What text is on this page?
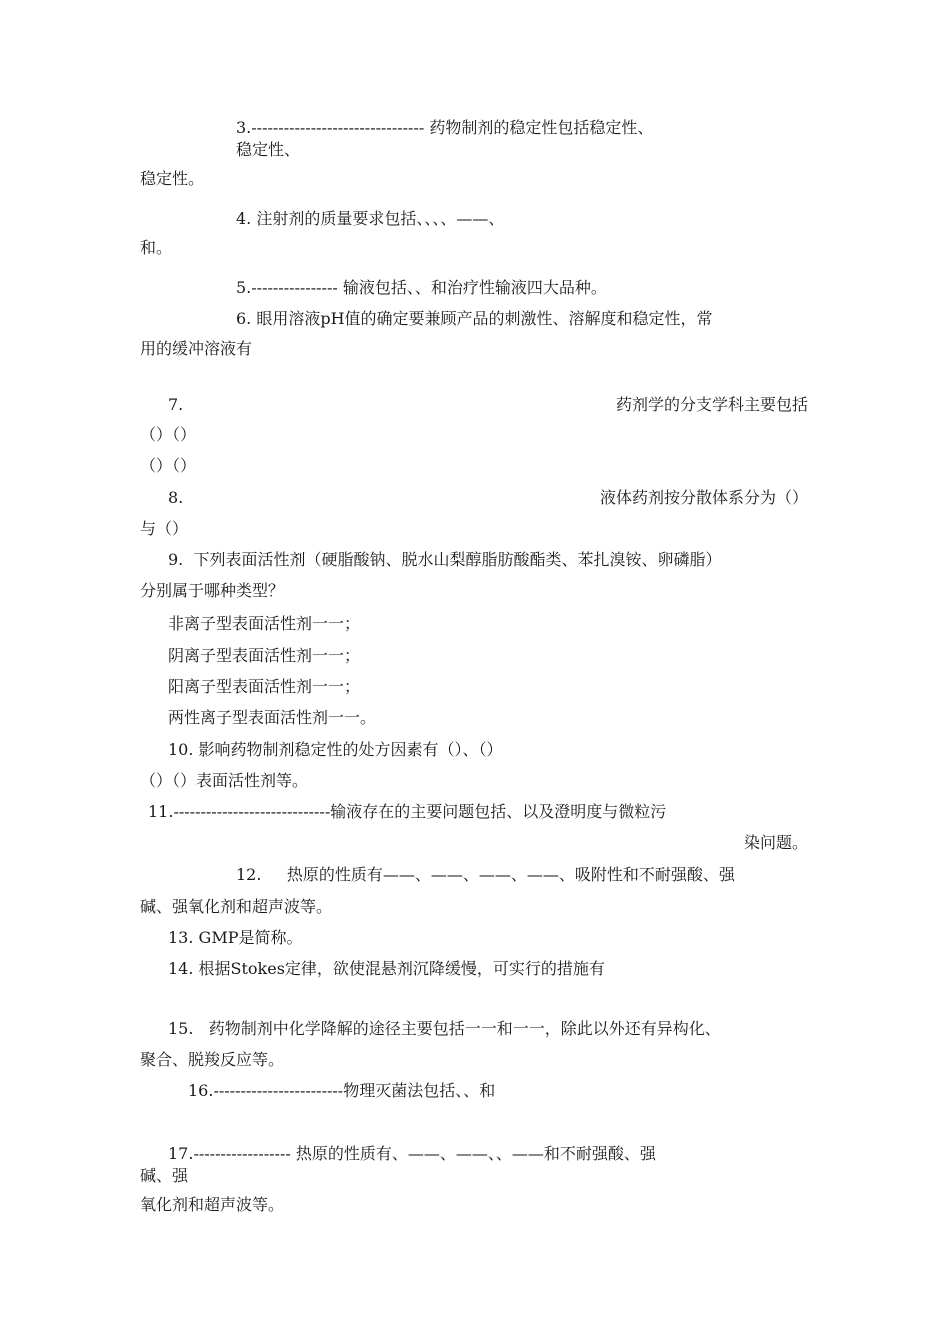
3.-------------------------------- 药物制剂的稳定性包括稳定性、
稳定性、
稳定性。
4. 注射剂的质量要求包括、、、、——、
和。
5.---------------- 输液包括、、和治疗性输液四大品种。
6. 眼用溶液pH值的确定要兼顾产品的刺激性、溶解度和稳定性，常
用的缓冲溶液有
7.	药剂学的分支学科主要包括
（）（）
（）（）
8.	液体药剂按分散体系分为（）
与（）
9.  下列表面活性剂（硬脂酸钠、脱水山梨醇脂肪酸酯类、苯扎溴铵、卵磷脂）
分别属于哪种类型？
非离子型表面活性剂一一；
阴离子型表面活性剂一一；
阳离子型表面活性剂一一；
两性离子型表面活性剂一一。
10. 影响药物制剂稳定性的处方因素有（）、（）
（）（）表面活性剂等。
11.-----------------------------输液存在的主要问题包括、以及澄明度与微粒污
染问题。
12.     热原的性质有——、——、——、——、吸附性和不耐强酸、强
碱、强氧化剂和超声波等。
13. GMP是简称。
14. 根据Stokes定律，欲使混悬剂沉降缓慢，可实行的措施有
15.   药物制剂中化学降解的途径主要包括一一和一一，除此以外还有异构化、
聚合、脱羧反应等。
16.------------------------物理灭菌法包括、、和
17.------------------ 热原的性质有、——、——、、——和不耐强酸、强
碱、强
氧化剂和超声波等。
